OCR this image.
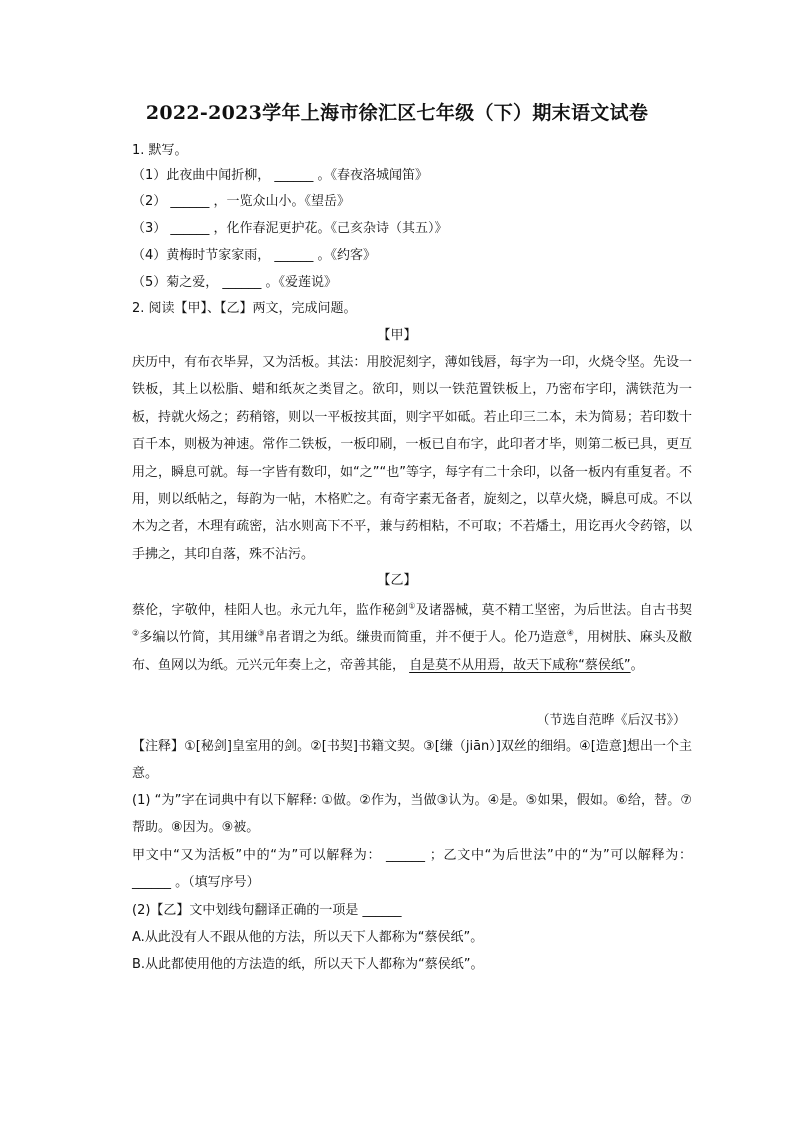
2022-2023学年上海市徐汇区七年级（下）期末语文试卷
1. 默写。
（1）此夜曲中闻折柳， ______ 。《春夜洛城闻笛》
（2） ______ ，一览众山小。《望岳》
（3） ______ ，化作春泥更护花。《己亥杂诗（其五）》
（4）黄梅时节家家雨， ______ 。《约客》
（5）菊之爱， ______ 。《爱莲说》
2. 阅读【甲】、【乙】两文，完成问题。
【甲】
庆历中，有布衣毕昇，又为活板。其法：用胶泥刻字，薄如钱唇，每字为一印，火烧令坚。先设一铁板，其上以松脂、蜡和纸灰之类冒之。欲印，则以一铁范置铁板上，乃密布字印，满铁范为一板，持就火炀之；药稍镕，则以一平板按其面，则字平如砥。若止印三二本，未为简易；若印数十百千本，则极为神速。常作二铁板，一板印刷，一板已自布字，此印者才毕，则第二板已具，更互用之，瞬息可就。每一字皆有数印，如“之”“也”等字，每字有二十余印，以备一板内有重复者。不用，则以纸帖之，每韵为一帖，木格贮之。有奇字素无备者，旋刻之，以草火烧，瞬息可成。不以木为之者，木理有疏密，沾水则高下不平，兼与药相粘，不可取；不若燔土，用讫再火令药镕，以手拂之，其印自落，殊不沾污。
【乙】
蔡伦，字敬仲，桂阳人也。永元九年，监作秘剑①及诸器械，莫不精工坚密，为后世法。自古书契②多编以竹简，其用缣③帛者谓之为纸。缣贵而简重，并不便于人。伦乃造意④，用树肤、麻头及敝布、鱼网以为纸。元兴元年奏上之，帝善其能， 自是莫不从用焉，故天下咸称“蔡侯纸”。
（节选自范晔《后汉书》）
【注释】①[秘剑]皇室用的剑。②[书契]书籍文契。③[缣（jiān）]双丝的细绢。④[造意]想出一个主意。
(1) “为”字在词典中有以下解释: ①做。②作为，当做③认为。④是。⑤如果，假如。⑥给，替。⑦帮助。⑧因为。⑨被。
甲文中“又为活板”中的“为”可以解释为： ______ ；乙文中“为后世法”中的“为”可以解释为： ______ 。（填写序号）
(2)【乙】文中划线句翻译正确的一项是 ______
A.从此没有人不跟从他的方法，所以天下人都称为“蔡侯纸”。
B.从此都使用他的方法造的纸，所以天下人都称为“蔡侯纸”。
